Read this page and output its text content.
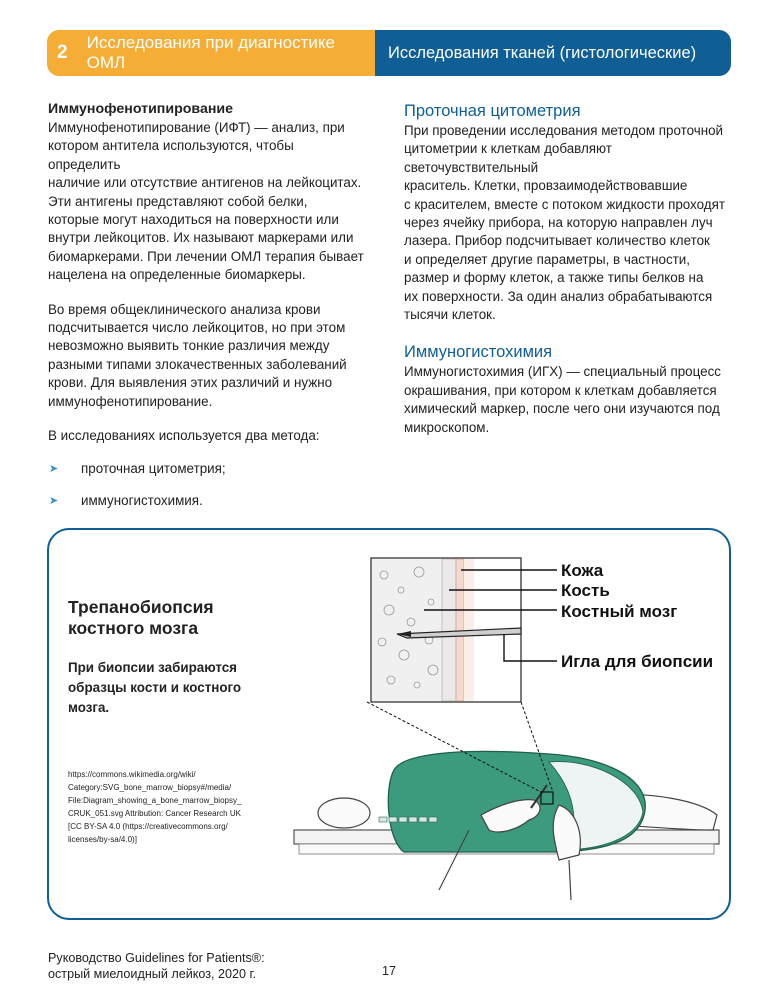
2	Исследования при диагностике ОМЛ
Исследования тканей (гистологические)
Иммунофенотипирование

Иммунофенотипирование (ИФТ) — анализ, при
котором антитела используются, чтобы определить
наличие или отсутствие антигенов на лейкоцитах.
Эти антигены представляют собой белки,
которые могут находиться на поверхности или
внутри лейкоцитов. Их называют маркерами или
биомаркерами. При лечении ОМЛ терапия бывает
нацелена на определенные биомаркеры.

Во время общеклинического анализа крови
подсчитывается число лейкоцитов, но при этом
невозможно выявить тонкие различия между
разными типами злокачественных заболеваний
крови. Для выявления этих различий и нужно
иммунофенотипирование.

В исследованиях используется два метода:

➤ проточная цитометрия;
➤ иммуногистохимия.
Проточная цитометрия

При проведении исследования методом проточной
цитометрии к клеткам добавляют светочувствительный
краситель. Клетки, провзаимодействовавшие
с красителем, вместе с потоком жидкости проходят
через ячейку прибора, на которую направлен луч
лазера. Прибор подсчитывает количество клеток
и определяет другие параметры, в частности,
размер и форму клеток, а также типы белков на
их поверхности. За один анализ обрабатываются
тысячи клеток.

Иммуногистохимия

Иммуногистохимия (ИГХ) — специальный процесс
окрашивания, при котором к клеткам добавляется
химический маркер, после чего они изучаются под
микроскопом.

Кожа
Кость
Костный мозг
Игла для биопсии

Трепанобиопсия
костного мозга

При биопсии забираются
образцы кости и костного
мозга.

https://commons.wikimedia.org/wiki/
Category:SVG_bone_marrow_biopsy#/media/
File:Diagram_showing_a_bone_marrow_biopsy_
CRUK_051.svg Attribution: Cancer Research UK
[CC BY-SA 4.0 (https://creativecommons.org/
licenses/by-sa/4.0)]
Руководство Guidelines for Patients®:
острый миелоидный лейкоз, 2020 г.	17
